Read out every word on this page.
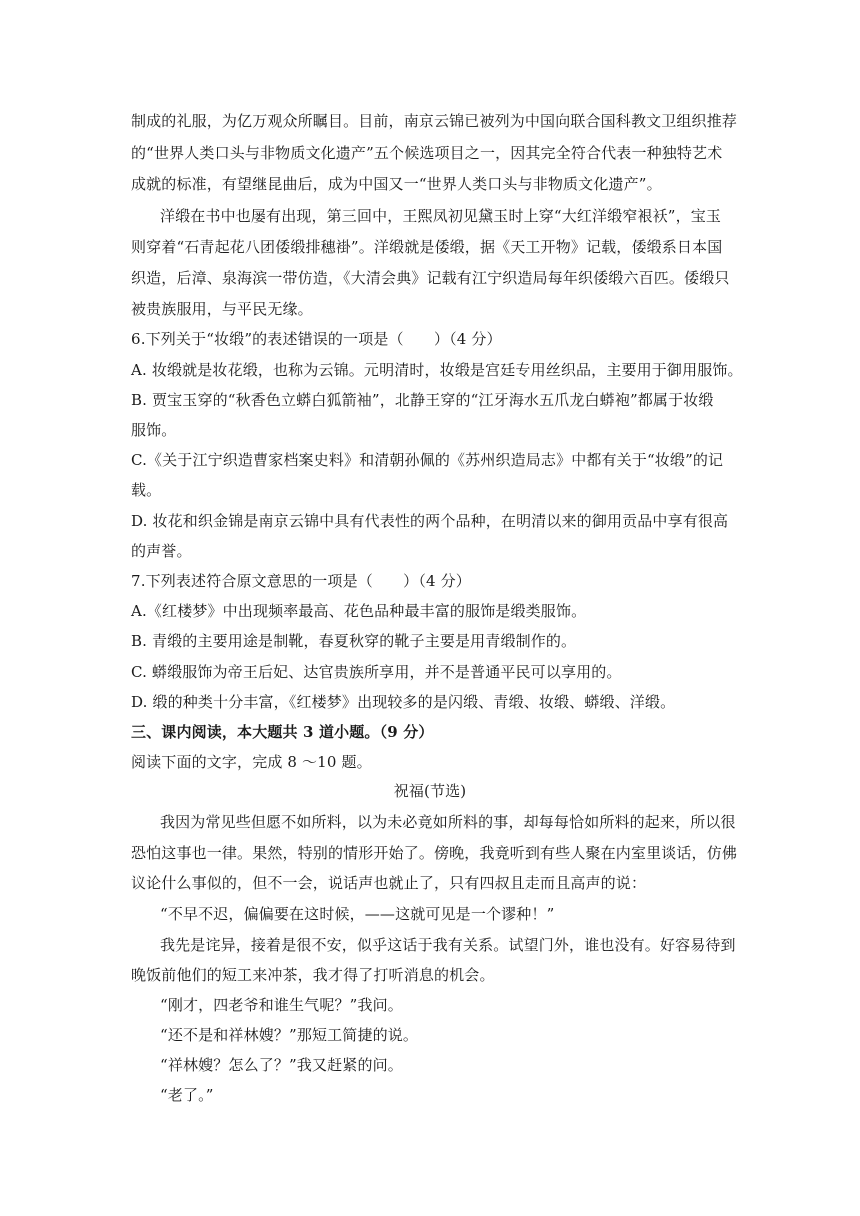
制成的礼服，为亿万观众所瞩目。目前，南京云锦已被列为中国向联合国科教文卫组织推荐
的“世界人类口头与非物质文化遗产”五个候选项目之一，因其完全符合代表一种独特艺术
成就的标准，有望继昆曲后，成为中国又一“世界人类口头与非物质文化遗产”。
洋缎在书中也屡有出现，第三回中，王熙凤初见黛玉时上穿“大红洋缎窄裉袄”，宝玉
则穿着“石青起花八团倭缎排穗褂”。洋缎就是倭缎，据《天工开物》记载，倭缎系日本国
织造，后漳、泉海滨一带仿造，《大清会典》记载有江宁织造局每年织倭缎六百匹。倭缎只
被贵族服用，与平民无缘。
6.下列关于“妆缎”的表述错误的一项是（　　）（4 分）
A. 妆缎就是妆花缎，也称为云锦。元明清时，妆缎是宫廷专用丝织品，主要用于御用服饰。
B. 贾宝玉穿的“秋香色立蟒白狐箭袖”，北静王穿的“江牙海水五爪龙白蟒袍”都属于妆缎
服饰。
C.《关于江宁织造曹家档案史料》和清朝孙佩的《苏州织造局志》中都有关于“妆缎”的记
载。
D. 妆花和织金锦是南京云锦中具有代表性的两个品种，在明清以来的御用贡品中享有很高
的声誉。
7.下列表述符合原文意思的一项是（　　）（4 分）
A.《红楼梦》中出现频率最高、花色品种最丰富的服饰是缎类服饰。
B. 青缎的主要用途是制靴，春夏秋穿的靴子主要是用青缎制作的。
C. 蟒缎服饰为帝王后妃、达官贵族所享用，并不是普通平民可以享用的。
D. 缎的种类十分丰富，《红楼梦》出现较多的是闪缎、青缎、妆缎、蟒缎、洋缎。
三、课内阅读，本大题共 3 道小题。（9 分）
阅读下面的文字，完成 8 ～10 题。
祝福(节选)
我因为常见些但愿不如所料，以为未必竟如所料的事，却每每恰如所料的起来，所以很
恐怕这事也一律。果然，特别的情形开始了。傍晚，我竟听到有些人聚在内室里谈话，仿佛
议论什么事似的，但不一会，说话声也就止了，只有四叔且走而且高声的说：
“不早不迟，偏偏要在这时候，——这就可见是一个谬种！”
我先是诧异，接着是很不安，似乎这话于我有关系。试望门外，谁也没有。好容易待到
晚饭前他们的短工来冲茶，我才得了打听消息的机会。
“刚才，四老爷和谁生气呢？”我问。
“还不是和祥林嫂？”那短工简捷的说。
“祥林嫂？怎么了？”我又赶紧的问。
“老了。”
